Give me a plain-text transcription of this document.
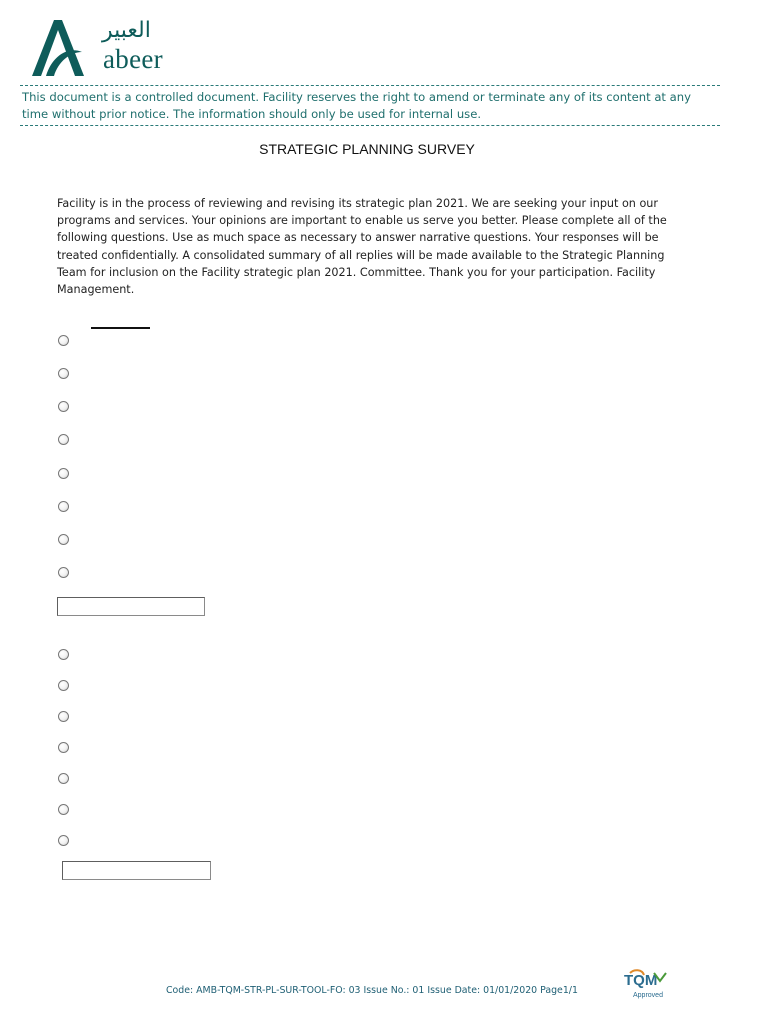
العبير
abeer
This document is a controlled document. Facility reserves the right to amend or terminate any of its content at any time without prior notice. The information should only be used for internal use.
STRATEGIC PLANNING SURVEY
Facility is in the process of reviewing and revising its strategic plan 2021. We are seeking your input on our programs and services. Your opinions are important to enable us serve you better. Please complete all of the following questions. Use as much space as necessary to answer narrative questions. Your responses will be treated confidentially. A consolidated summary of all replies will be made available to the Strategic Planning Team for inclusion on the Facility strategic plan 2021. Committee. Thank you for your participation. Facility Management.
Code: AMB-TQM-STR-PL-SUR-TOOL-FO: 03 Issue No.: 01 Issue Date: 01/01/2020 Page1/1
TQM
Approved
